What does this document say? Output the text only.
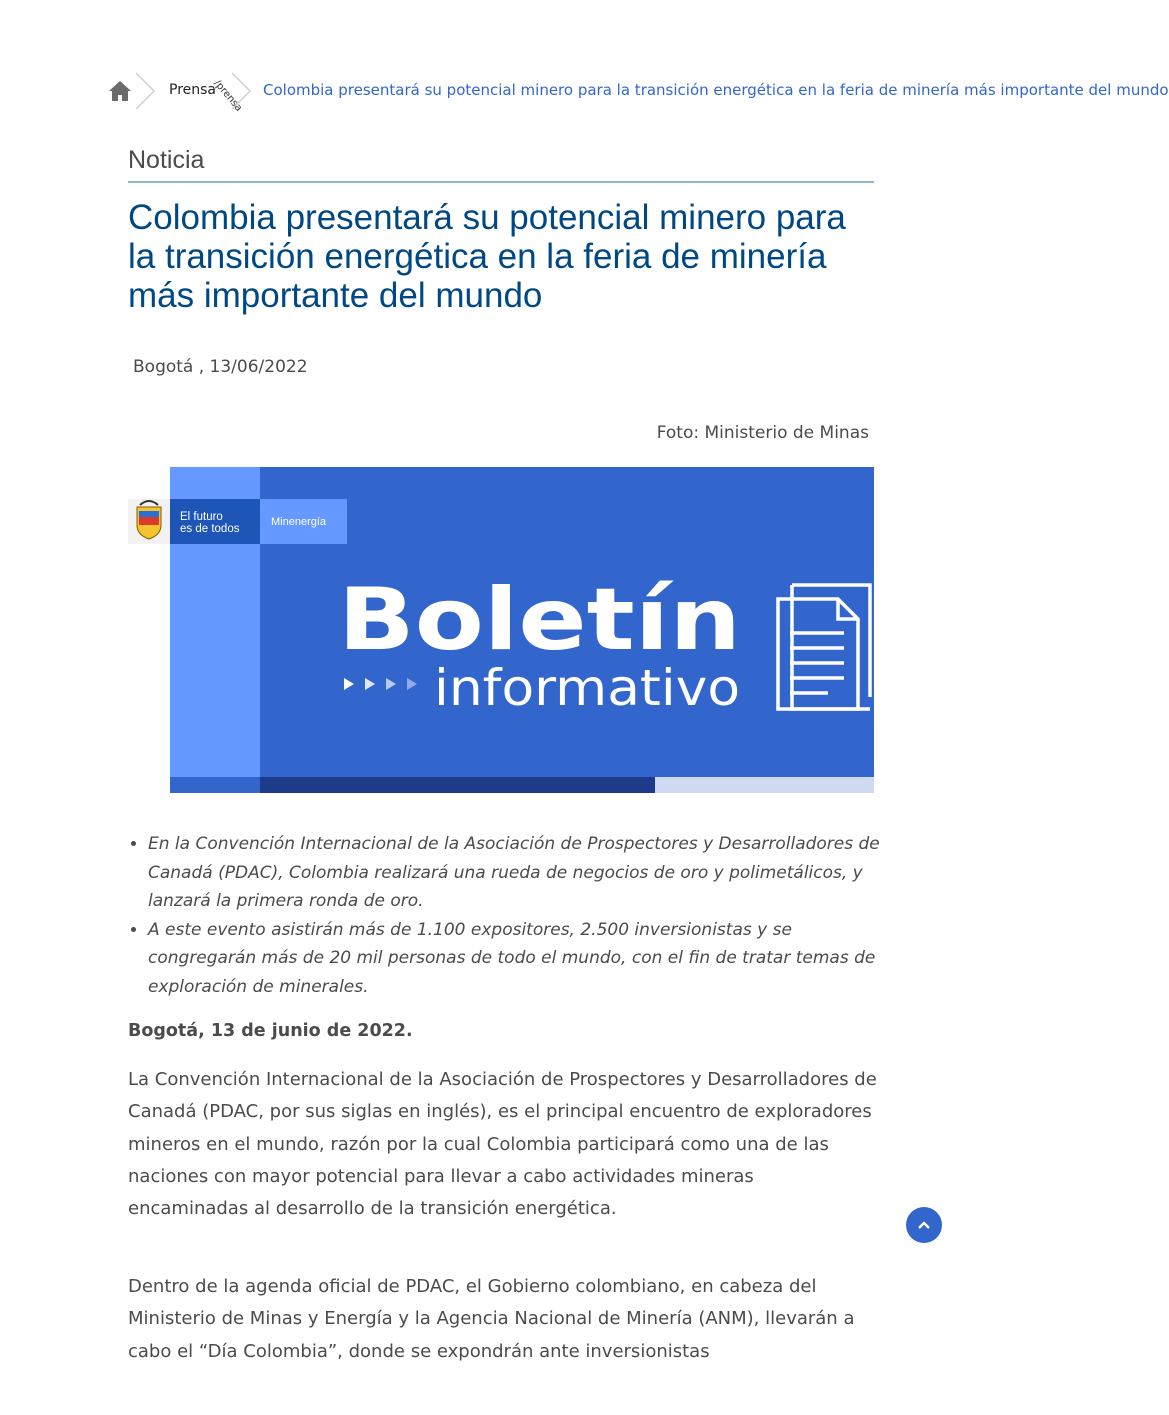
Prensa
/prensa Colombia presentará su potencial minero para la transición energética en la feria de minería más importante del mundo
Noticia
Colombia presentará su potencial minero para la transición energética en la feria de minería más importante del mundo
Bogotá , 13/06/2022
Foto: Ministerio de Minas
El futuro
es de todos
Minenergía
Boletín
informativo
• En la Convención Internacional de la Asociación de Prospectores y Desarrolladores de Canadá (PDAC), Colombia realizará una rueda de negocios de oro y polimetálicos, y lanzará la primera ronda de oro.
• A este evento asistirán más de 1.100 expositores, 2.500 inversionistas y se congregarán más de 20 mil personas de todo el mundo, con el fin de tratar temas de exploración de minerales.

Bogotá, 13 de junio de 2022.

La Convención Internacional de la Asociación de Prospectores y Desarrolladores de Canadá (PDAC, por sus siglas en inglés), es el principal encuentro de exploradores mineros en el mundo, razón por la cual Colombia participará como una de las naciones con mayor potencial para llevar a cabo actividades mineras encaminadas al desarrollo de la transición energética.

Dentro de la agenda oficial de PDAC, el Gobierno colombiano, en cabeza del Ministerio de Minas y Energía y la Agencia Nacional de Minería (ANM), llevarán a cabo el “Día Colombia”, donde se expondrán ante inversionistas
